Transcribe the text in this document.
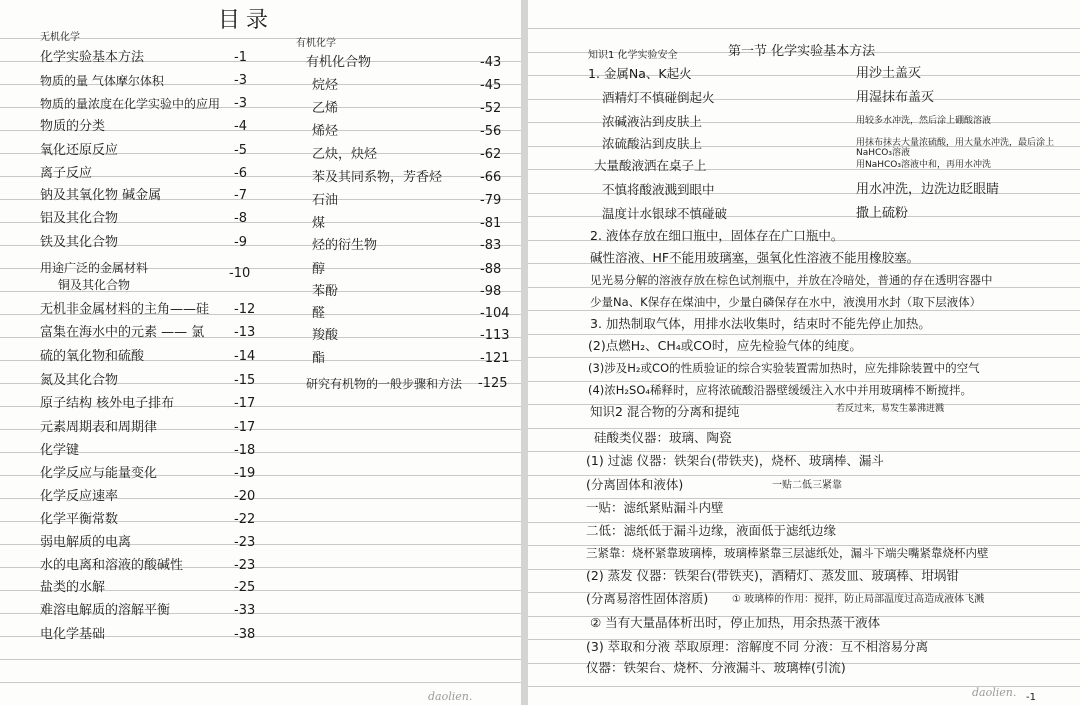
目录
无机化学
有机化学
化学实验基本方法	-1
物质的量 气体摩尔体积	-3
物质的量浓度在化学实验中的应用 -3
物质的分类	-4
氧化还原反应	-5
离子反应	-6
钠及其氧化物 碱金属	-7
铝及其化合物	-8
铁及其化合物	-9
用途广泛的金属材料	-10
铜及其化合物
无机非金属材料的主角——硅 -12
富集在海水中的元素 —— 氯 -13
硫的氧化物和硫酸	-14
氮及其化合物	-15
原子结构 核外电子排布	-17
元素周期表和周期律	-17
化学键	-18
化学反应与能量变化	-19
化学反应速率	-20
化学平衡常数	-22
弱电解质的电离	-23
水的电离和溶液的酸碱性	-23
盐类的水解	-25
难溶电解质的溶解平衡	-33
电化学基础	-38
有机化合物	-43
烷烃	-45
乙烯	-52
烯烃	-56
乙炔，炔烃	-62
苯及其同系物，芳香烃	-66
石油	-79
煤	-81
烃的衍生物	-83
醇	-88
苯酚	-98
醛	-104
羧酸	-113
酯	-121
研究有机物的一般步骤和方法 -125
daolien.
知识1 化学实验安全	第一节 化学实验基本方法
1. 金属Na、K起火	用沙土盖灭
酒精灯不慎碰倒起火	用湿抹布盖灭
浓碱液沾到皮肤上	用较多水冲洗，然后涂上硼酸溶液
浓硫酸沾到皮肤上	用抹布抹去大量浓硫酸，用大量水冲洗，最后涂上NaHCO₃溶液
大量酸液洒在桌子上	用NaHCO₃溶液中和，再用水冲洗
不慎将酸液溅到眼中	用水冲洗，边洗边眨眼睛
温度计水银球不慎碰破	撒上硫粉
2. 液体存放在细口瓶中，固体存在广口瓶中。
碱性溶液、HF不能用玻璃塞，强氧化性溶液不能用橡胶塞。
见光易分解的溶液存放在棕色试剂瓶中，并放在冷暗处，普通的存在透明容器中
少量Na、K保存在煤油中，少量白磷保存在水中，液溴用水封（取下层液体）
3. 加热制取气体，用排水法收集时，结束时不能先停止加热。
(2)点燃H₂、CH₄或CO时，应先检验气体的纯度。
(3)涉及H₂或CO的性质验证的综合实验装置需加热时，应先排除装置中的空气
(4)浓H₂SO₄稀释时，应将浓硫酸沿器壁缓缓注入水中并用玻璃棒不断搅拌。
知识2 混合物的分离和提纯
硅酸类仪器：玻璃、陶瓷
(1) 过滤 仪器：铁架台(带铁夹)，烧杯、玻璃棒、漏斗
(分离固体和液体)
一贴：滤纸紧贴漏斗内壁
二低：滤纸低于漏斗边缘，液面低于滤纸边缘
三紧靠：烧杯紧靠玻璃棒，玻璃棒紧靠三层滤纸处，漏斗下端尖嘴紧靠烧杯内壁
(2) 蒸发 仪器：铁架台(带铁夹)，酒精灯、蒸发皿、玻璃棒、坩埚钳
(分离易溶性固体溶质)
② 当有大量晶体析出时，停止加热，用余热蒸干液体
(3) 萃取和分液 萃取原理：溶解度不同 分液：互不相溶易分离
仪器：铁架台、烧杯、分液漏斗、玻璃棒(引流)
若反过来，易发生暴沸迸溅
一贴二低三紧靠
① 玻璃棒的作用：搅拌，防止局部温度过高造成液体飞溅
daolien. -1
